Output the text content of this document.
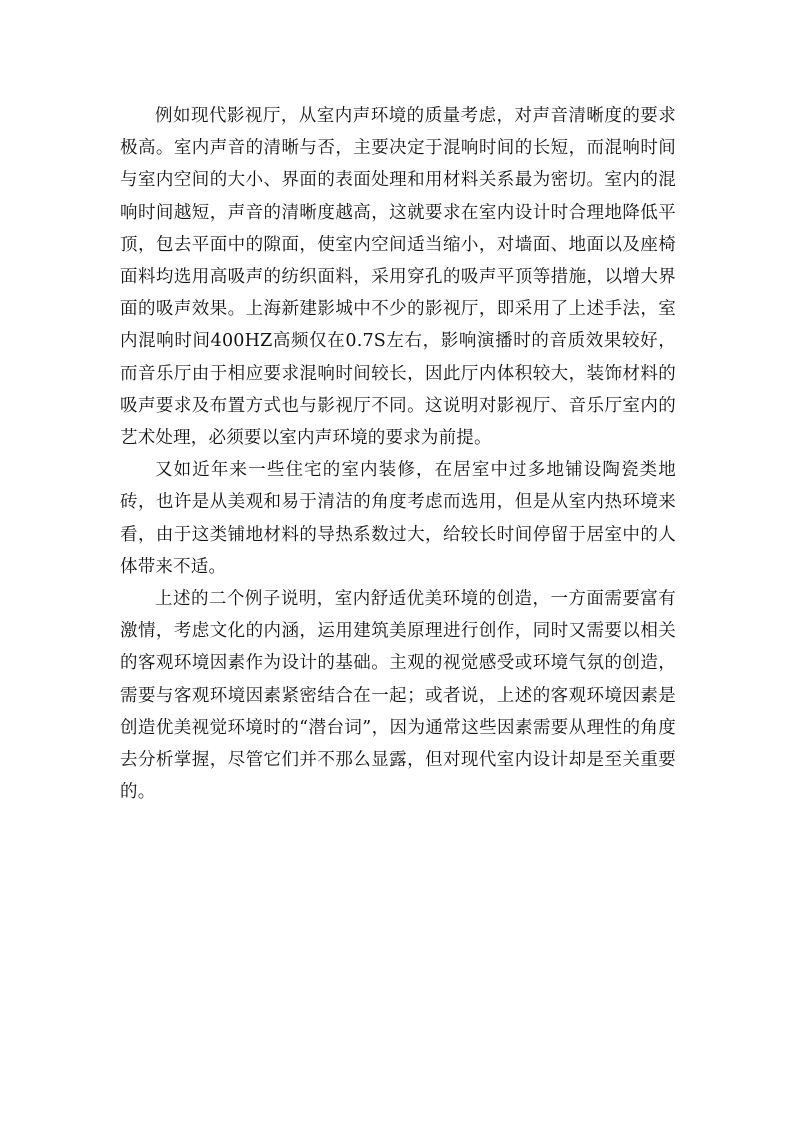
例如现代影视厅，从室内声环境的质量考虑，对声音清晰度的要求极高。室内声音的清晰与否，主要决定于混响时间的长短，而混响时间与室内空间的大小、界面的表面处理和用材料关系最为密切。室内的混响时间越短，声音的清晰度越高，这就要求在室内设计时合理地降低平顶，包去平面中的隙面，使室内空间适当缩小，对墙面、地面以及座椅面料均选用高吸声的纺织面料，采用穿孔的吸声平顶等措施，以增大界面的吸声效果。上海新建影城中不少的影视厅，即采用了上述手法，室内混响时间400HZ高频仅在0.7S左右，影响演播时的音质效果较好，而音乐厅由于相应要求混响时间较长，因此厅内体积较大，装饰材料的吸声要求及布置方式也与影视厅不同。这说明对影视厅、音乐厅室内的艺术处理，必须要以室内声环境的要求为前提。

又如近年来一些住宅的室内装修，在居室中过多地铺设陶瓷类地砖，也许是从美观和易于清洁的角度考虑而选用，但是从室内热环境来看，由于这类铺地材料的导热系数过大，给较长时间停留于居室中的人体带来不适。

上述的二个例子说明，室内舒适优美环境的创造，一方面需要富有激情，考虑文化的内涵，运用建筑美原理进行创作，同时又需要以相关的客观环境因素作为设计的基础。主观的视觉感受或环境气氛的创造，需要与客观环境因素紧密结合在一起；或者说，上述的客观环境因素是创造优美视觉环境时的“潜台词”，因为通常这些因素需要从理性的角度去分析掌握，尽管它们并不那么显露，但对现代室内设计却是至关重要的。
